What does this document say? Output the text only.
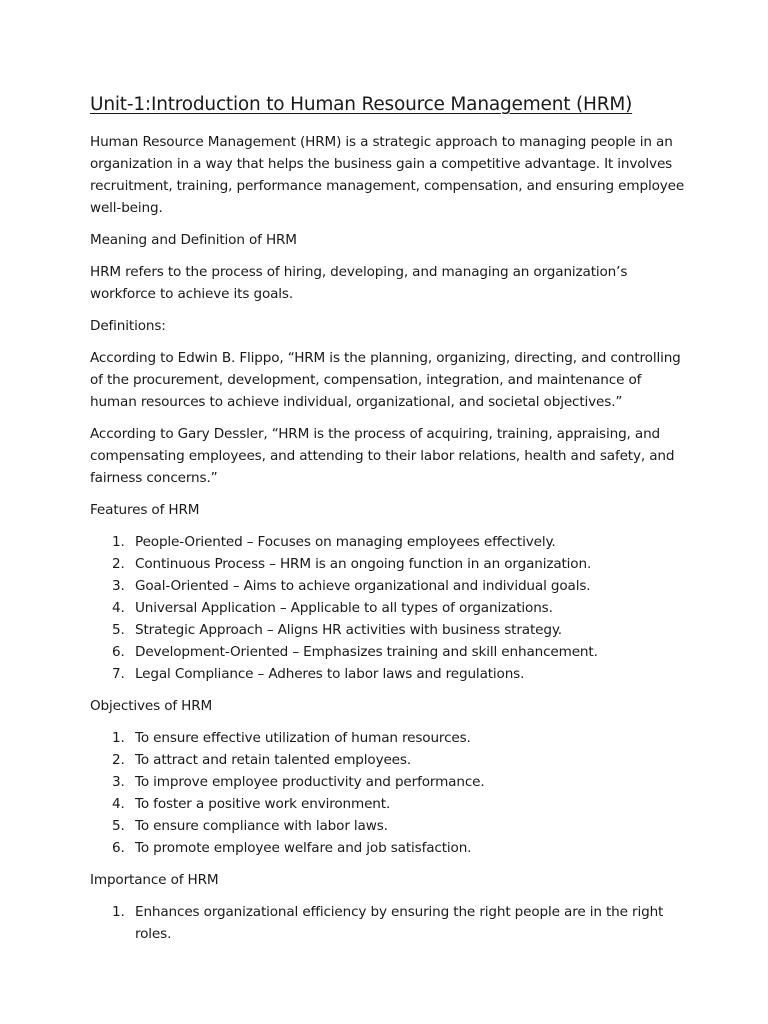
Unit-1:Introduction to Human Resource Management (HRM)

Human Resource Management (HRM) is a strategic approach to managing people in an organization in a way that helps the business gain a competitive advantage. It involves recruitment, training, performance management, compensation, and ensuring employee well-being.

Meaning and Definition of HRM

HRM refers to the process of hiring, developing, and managing an organization’s workforce to achieve its goals.

Definitions:

According to Edwin B. Flippo, “HRM is the planning, organizing, directing, and controlling of the procurement, development, compensation, integration, and maintenance of human resources to achieve individual, organizational, and societal objectives.”

According to Gary Dessler, “HRM is the process of acquiring, training, appraising, and compensating employees, and attending to their labor relations, health and safety, and fairness concerns.”

Features of HRM
1. People-Oriented – Focuses on managing employees effectively.
2. Continuous Process – HRM is an ongoing function in an organization.
3. Goal-Oriented – Aims to achieve organizational and individual goals.
4. Universal Application – Applicable to all types of organizations.
5. Strategic Approach – Aligns HR activities with business strategy.
6. Development-Oriented – Emphasizes training and skill enhancement.
7. Legal Compliance – Adheres to labor laws and regulations.
Objectives of HRM
1. To ensure effective utilization of human resources.
2. To attract and retain talented employees.
3. To improve employee productivity and performance.
4. To foster a positive work environment.
5. To ensure compliance with labor laws.
6. To promote employee welfare and job satisfaction.
Importance of HRM
1. Enhances organizational efficiency by ensuring the right people are in the right roles.
